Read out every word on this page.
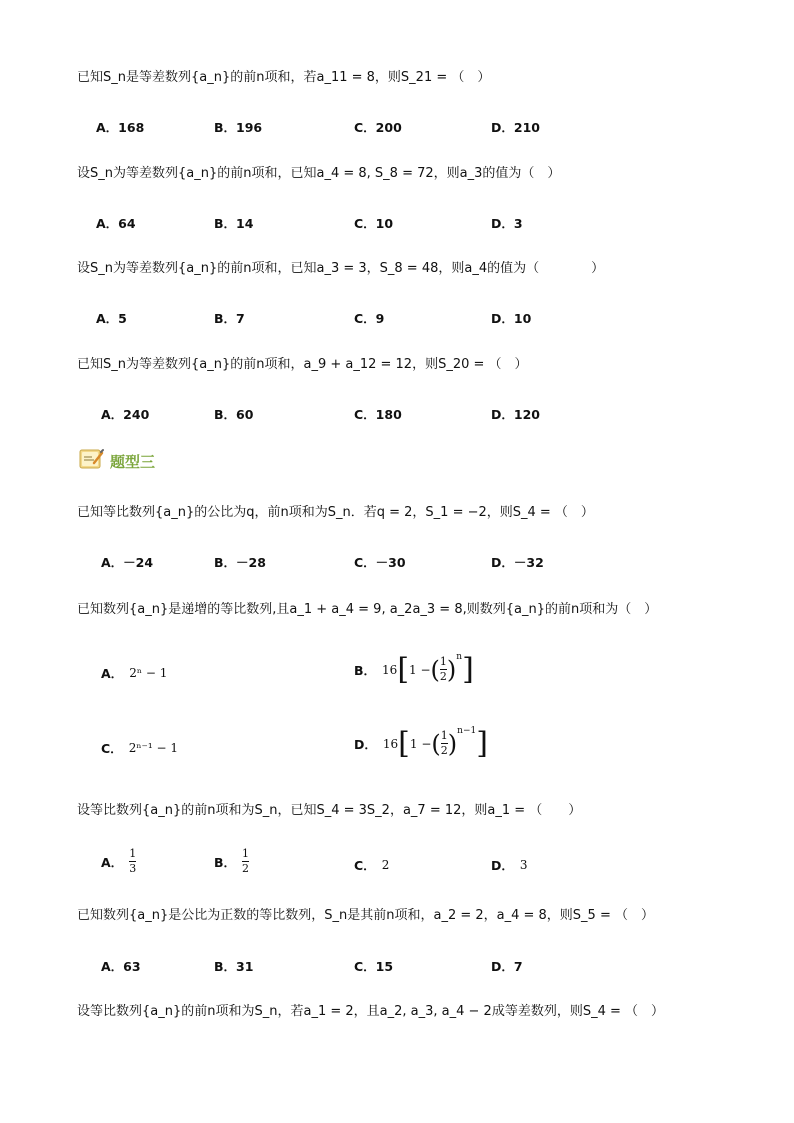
已知S_n是等差数列{a_n}的前n项和，若a_11 = 8，则S_21 = （　）
A．168	B．196	C．200	D．210
设S_n为等差数列{a_n}的前n项和，已知a_4 = 8, S_8 = 72，则a_3的值为（　）
A．64	B．14	C．10	D．3
设S_n为等差数列{a_n}的前n项和，已知a_3 = 3，S_8 = 48，则a_4的值为（　　　　）
A．5	B．7	C．9	D．10
已知S_n为等差数列{a_n}的前n项和，a_9 + a_12 = 12，则S_20 = （　）
A．240	B．60	C．180	D．120
题型三
已知等比数列{a_n}的公比为q，前n项和为S_n．若q = 2，S_1 = −2，则S_4 = （　）
A．－24	B．－28	C．－30	D．－32
已知数列{a_n}是递增的等比数列,且a_1 + a_4 = 9, a_2a_3 = 8,则数列{a_n}的前n项和为（　）
A． 2ⁿ − 1	B． 16 [ 1 − ( $\frac{1}{2}$ ) n ]
C． 2ⁿ⁻¹ − 1	D． 16 [ 1 − ( $\frac{1}{2}$ ) n−1 ]
设等比数列{a_n}的前n项和为S_n，已知S_4 = 3S_2，a_7 = 12，则a_1 = （　　）
A． $\frac{1}{3}$	B． $\frac{1}{2}$	C． 2	D． 3
已知数列{a_n}是公比为正数的等比数列，S_n是其前n项和，a_2 = 2，a_4 = 8，则S_5 = （　）
A．63	B．31	C．15	D．7
设等比数列{a_n}的前n项和为S_n，若a_1 = 2，且a_2, a_3, a_4 − 2成等差数列，则S_4 = （　）
